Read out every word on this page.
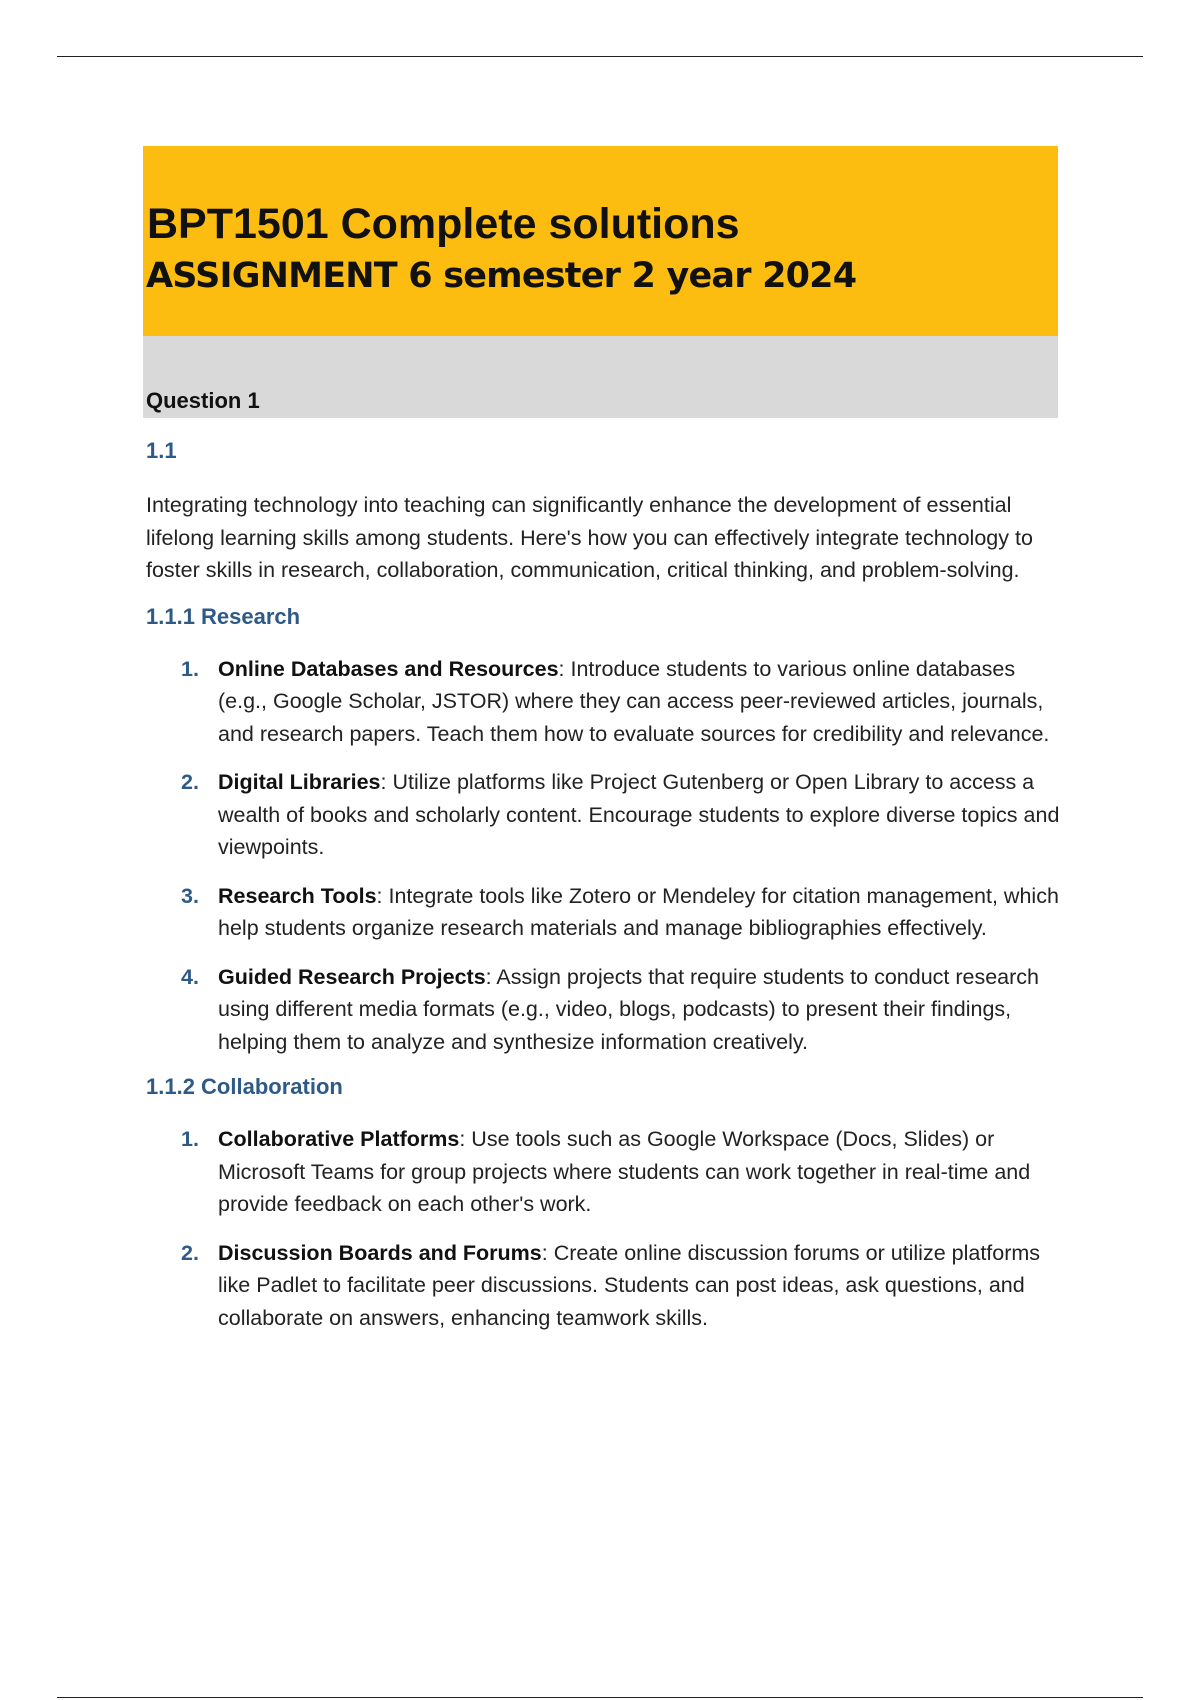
BPT1501 Complete solutions
ASSIGNMENT 6 semester 2 year 2024
Question 1

1.1

Integrating technology into teaching can significantly enhance the development of essential lifelong learning skills among students. Here's how you can effectively integrate technology to foster skills in research, collaboration, communication, critical thinking, and problem-solving.

1.1.1 Research

1. Online Databases and Resources: Introduce students to various online databases (e.g., Google Scholar, JSTOR) where they can access peer-reviewed articles, journals, and research papers. Teach them how to evaluate sources for credibility and relevance.
2. Digital Libraries: Utilize platforms like Project Gutenberg or Open Library to access a wealth of books and scholarly content. Encourage students to explore diverse topics and viewpoints.
3. Research Tools: Integrate tools like Zotero or Mendeley for citation management, which help students organize research materials and manage bibliographies effectively.
4. Guided Research Projects: Assign projects that require students to conduct research using different media formats (e.g., video, blogs, podcasts) to present their findings, helping them to analyze and synthesize information creatively.

1.1.2 Collaboration

1. Collaborative Platforms: Use tools such as Google Workspace (Docs, Slides) or Microsoft Teams for group projects where students can work together in real-time and provide feedback on each other's work.
2. Discussion Boards and Forums: Create online discussion forums or utilize platforms like Padlet to facilitate peer discussions. Students can post ideas, ask questions, and collaborate on answers, enhancing teamwork skills.
